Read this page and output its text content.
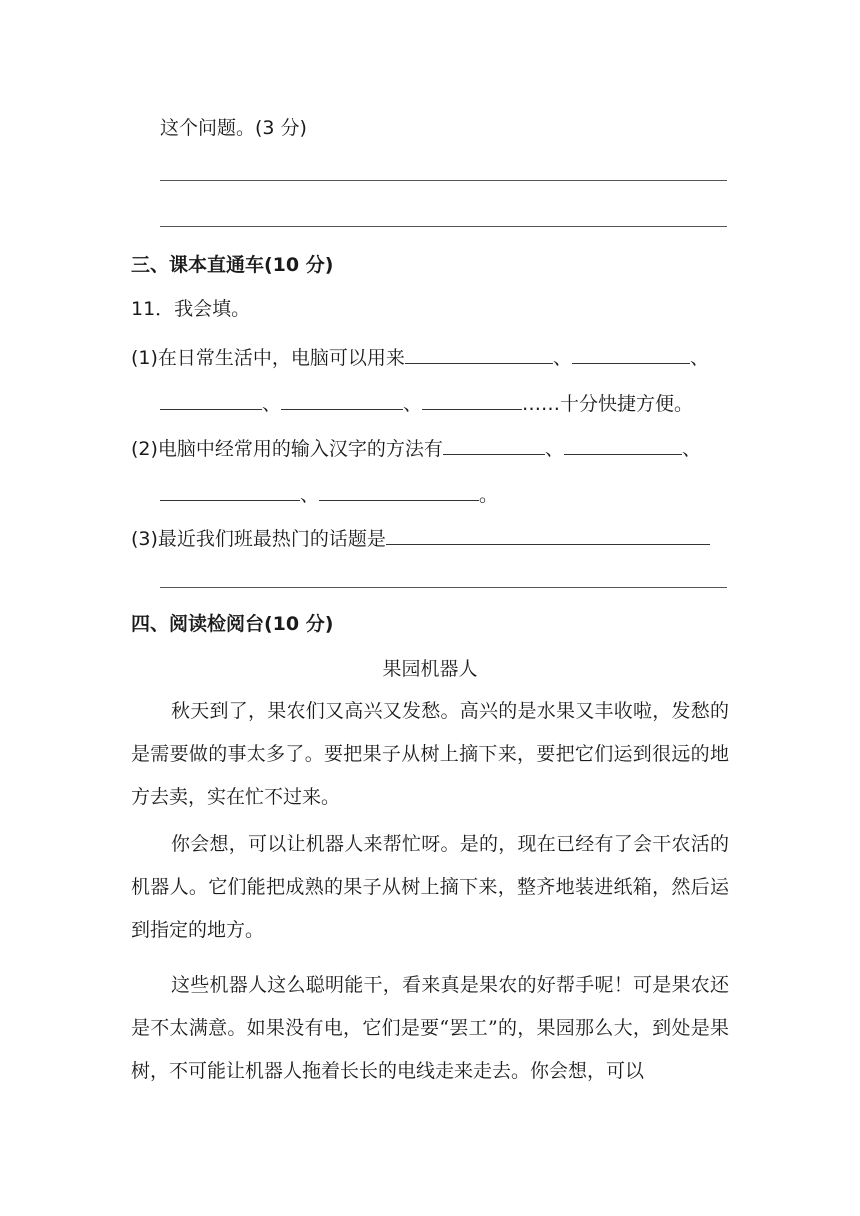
这个问题。(3 分)
三、课本直通车(10 分)
11．我会填。
(1)在日常生活中，电脑可以用来	、	、
、	、	……十分快捷方便。
(2)电脑中经常用的输入汉字的方法有	、	、
、	。
(3)最近我们班最热门的话题是
四、阅读检阅台(10 分)
果园机器人

秋天到了，果农们又高兴又发愁。高兴的是水果又丰收啦，发愁的是需要做的事太多了。要把果子从树上摘下来，要把它们运到很远的地方去卖，实在忙不过来。

你会想，可以让机器人来帮忙呀。是的，现在已经有了会干农活的机器人。它们能把成熟的果子从树上摘下来，整齐地装进纸箱，然后运到指定的地方。

这些机器人这么聪明能干，看来真是果农的好帮手呢！可是果农还是不太满意。如果没有电，它们是要“罢工”的，果园那么大，到处是果树，不可能让机器人拖着长长的电线走来走去。你会想，可以
